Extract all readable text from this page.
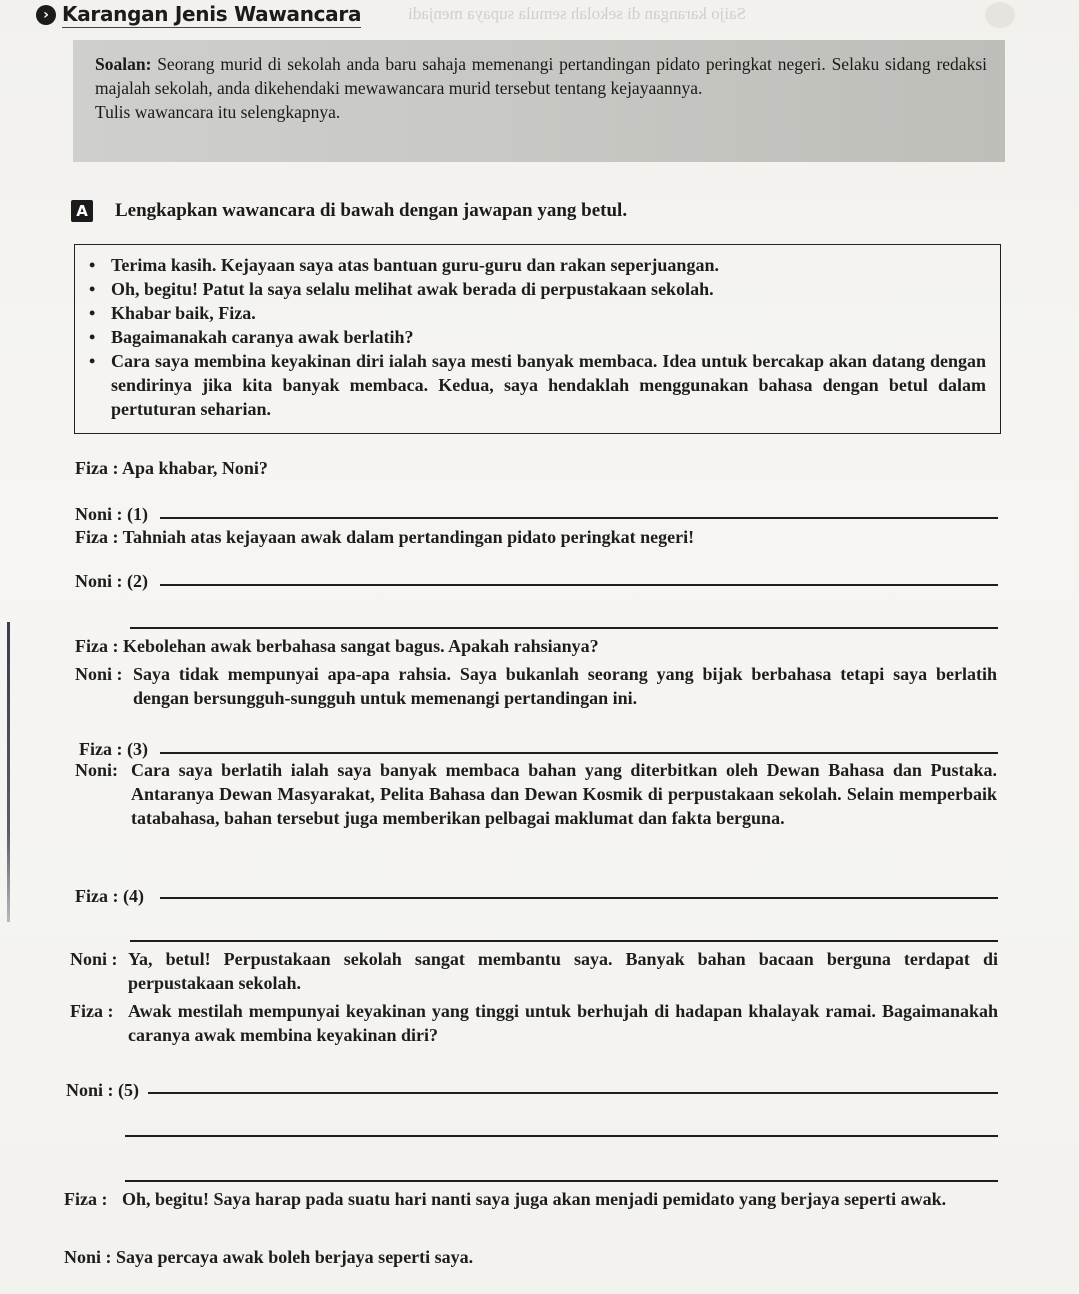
Saijo karangan di sekolah semula supaya menjadi
› Karangan Jenis Wawancara

Soalan: Seorang murid di sekolah anda baru sahaja memenangi pertandingan pidato peringkat negeri. Selaku sidang redaksi majalah sekolah, anda dikehendaki mewawancara murid tersebut tentang kejayaannya.

Tulis wawancara itu selengkapnya.

A Lengkapkan wawancara di bawah dengan jawapan yang betul.
• Terima kasih. Kejayaan saya atas bantuan guru-guru dan rakan seperjuangan.
• Oh, begitu! Patut la saya selalu melihat awak berada di perpustakaan sekolah.
• Khabar baik, Fiza.
• Bagaimanakah caranya awak berlatih?
• Cara saya membina keyakinan diri ialah saya mesti banyak membaca. Idea untuk bercakap akan datang dengan sendirinya jika kita banyak membaca. Kedua, saya hendaklah menggunakan bahasa dengan betul dalam pertuturan seharian.
Fiza : Apa khabar, Noni?
Noni : (1)
Fiza : Tahniah atas kejayaan awak dalam pertandingan pidato peringkat negeri!
Noni : (2)
Fiza : Kebolehan awak berbahasa sangat bagus. Apakah rahsianya?
Noni : Saya tidak mempunyai apa-apa rahsia. Saya bukanlah seorang yang bijak berbahasa tetapi saya berlatih dengan bersungguh-sungguh untuk memenangi pertandingan ini.
Fiza : (3)
Noni: Cara saya berlatih ialah saya banyak membaca bahan yang diterbitkan oleh Dewan Bahasa dan Pustaka. Antaranya Dewan Masyarakat, Pelita Bahasa dan Dewan Kosmik di perpustakaan sekolah. Selain memperbaik tatabahasa, bahan tersebut juga memberikan pelbagai maklumat dan fakta berguna.
Fiza : (4)
Noni : Ya, betul! Perpustakaan sekolah sangat membantu saya. Banyak bahan bacaan berguna terdapat di perpustakaan sekolah.
Fiza : Awak mestilah mempunyai keyakinan yang tinggi untuk berhujah di hadapan khalayak ramai. Bagaimanakah caranya awak membina keyakinan diri?
Noni : (5)
Fiza : Oh, begitu! Saya harap pada suatu hari nanti saya juga akan menjadi pemidato yang berjaya seperti awak.
Noni : Saya percaya awak boleh berjaya seperti saya.
